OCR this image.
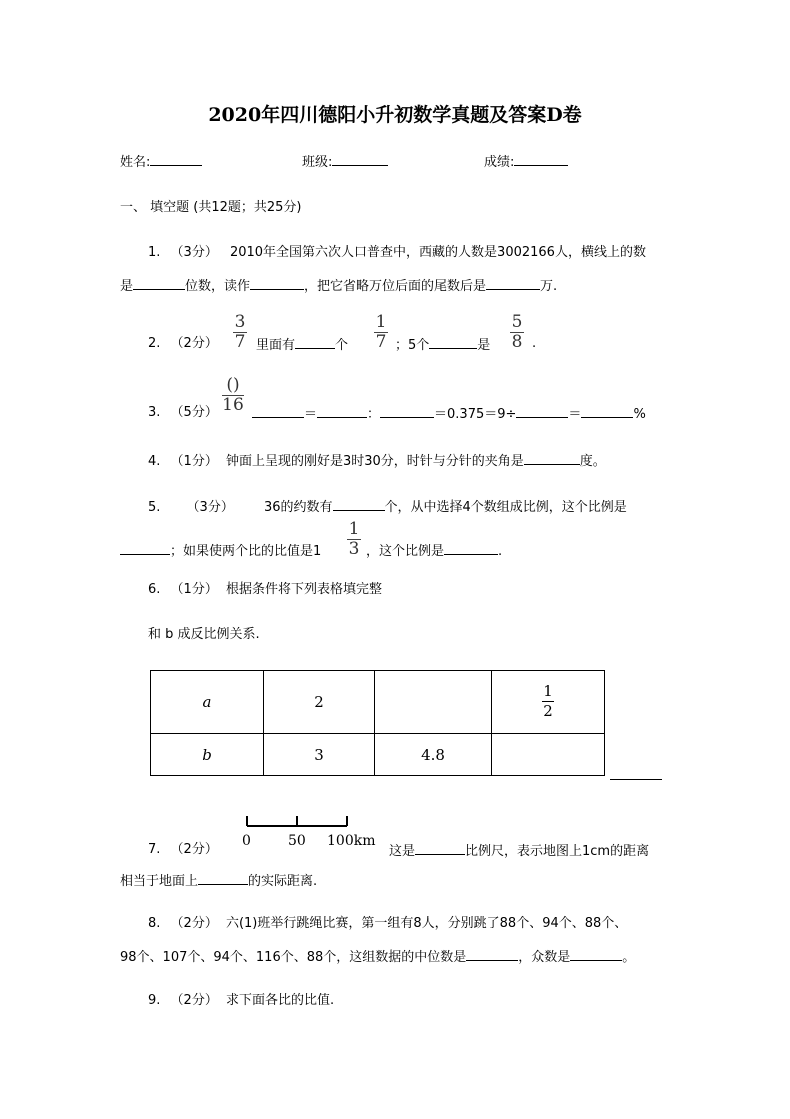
2020年四川德阳小升初数学真题及答案D卷
姓名:	班级:	成绩:
一、 填空题 (共12题；共25分)
1. （3分） 2010年全国第六次人口普查中，西藏的人数是3002166人，横线上的数
是	位数，读作	，把它省略万位后面的尾数后是	万.
2. （2分）
3
7 里面有	个
1
7 ；5个	是
5
8 .
3. （5分）
()
16	＝	：	＝0.375＝9÷	＝	%
4. （1分） 钟面上呈现的刚好是3时30分，时针与分针的夹角是	度。
5. （3分） 36的约数有	个，从中选择4个数组成比例，这个比例是
；如果使两个比的比值是1
1
3 ，这个比例是	.
6. （1分） 根据条件将下列表格填完整
和 b 成反比例关系.
a	2		$\frac{1}{2}$

b	3	4.8	
0	50 100km
7. （2分）	这是	比例尺，表示地图上1cm的距离
相当于地面上	的实际距离.
8. （2分） 六(1)班举行跳绳比赛，第一组有8人，分别跳了88个、94个、88个、
98个、107个、94个、116个、88个，这组数据的中位数是	，众数是	。
9. （2分） 求下面各比的比值.
